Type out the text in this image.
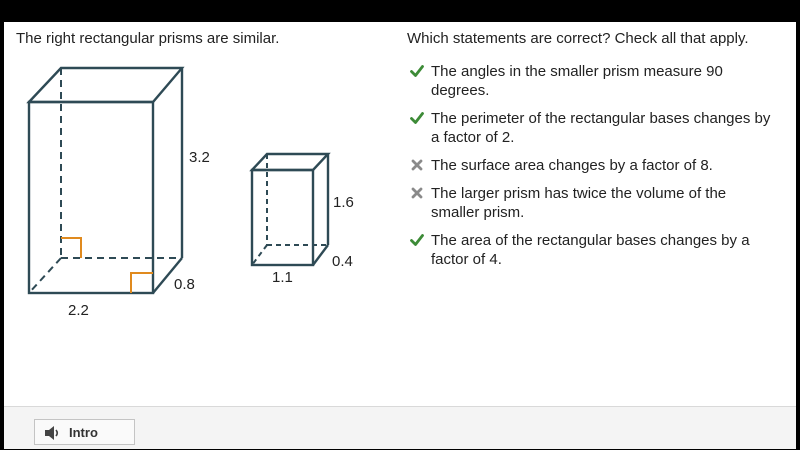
The right rectangular prisms are similar.	Which statements are correct? Check all that apply.
3.2
0.8
2.2
1.6
0.4
1.1
The angles in the smaller prism measure 90 degrees.
The perimeter of the rectangular bases changes by a factor of 2.
The surface area changes by a factor of 8.
The larger prism has twice the volume of the smaller prism.
The area of the rectangular bases changes by a factor of 4.
Intro
